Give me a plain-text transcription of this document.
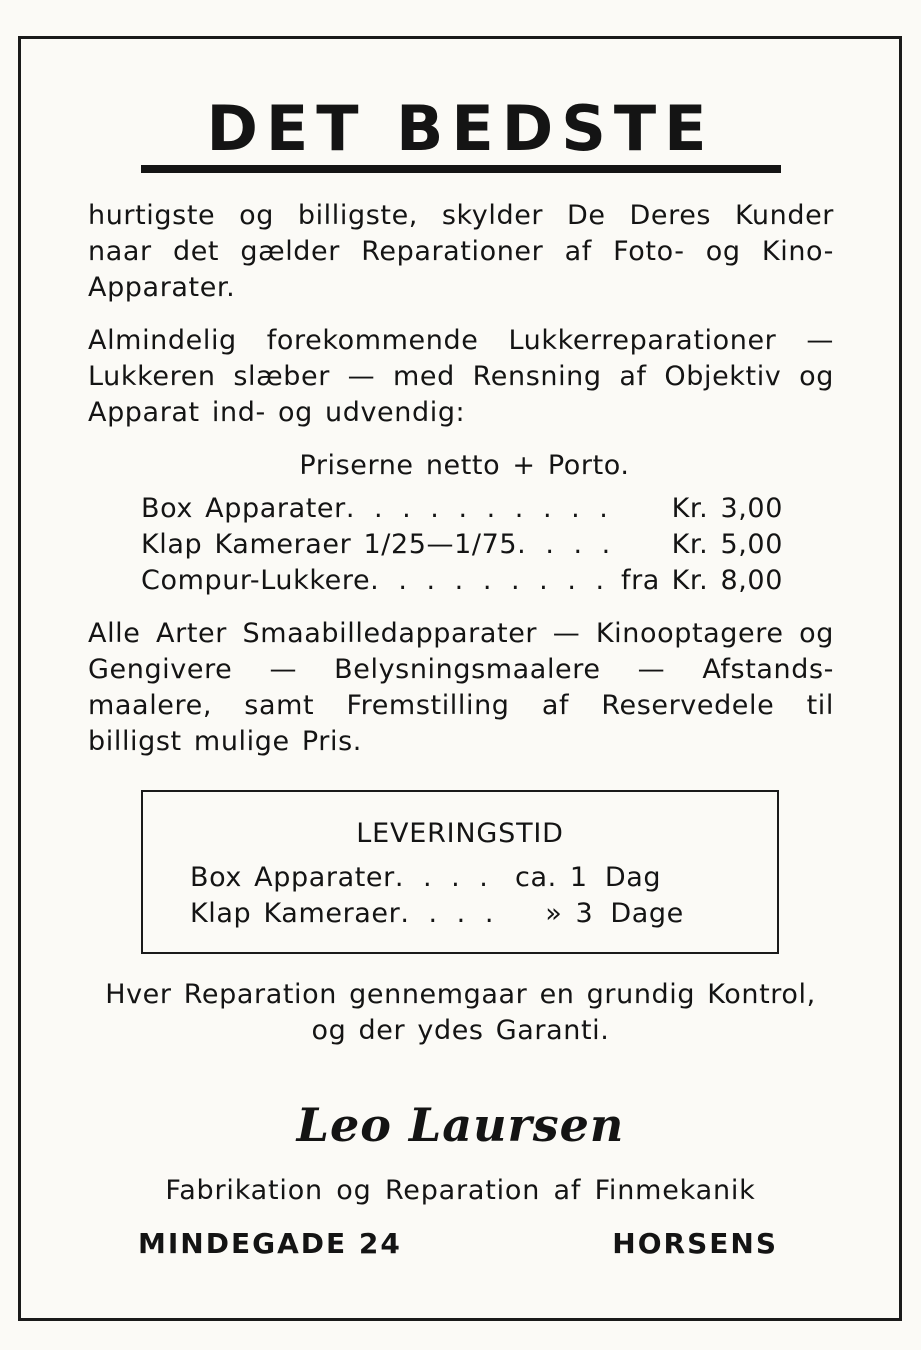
DET BEDSTE
hurtigste og billigste, skylder De Deres Kunder naar det gælder Reparationer af Foto- og Kino-Apparater.
Almindelig forekommende Lukkerreparationer — Lukkeren slæber — med Rensning af Objektiv og Apparat ind- og udvendig:
Priserne netto + Porto.
Box Apparater . . .	Kr. 3,00
Klap Kameraer 1/25—1/75 . . .	Kr. 5,00
Compur-Lukkere . . .	fra Kr. 8,00
Alle Arter Smaabilledapparater — Kinooptagere og Gengivere — Belysningsmaalere — Afstands-maalere, samt Fremstilling af Reservedele til billigst mulige Pris.
LEVERINGSTID
Box Apparater . . .	ca. 1 Dag
Klap Kameraer . . .	» 3 Dage
Hver Reparation gennemgaar en grundig Kontrol,
og der ydes Garanti.
Leo Laursen
Fabrikation og Reparation af Finmekanik
MINDEGADE 24	HORSENS
